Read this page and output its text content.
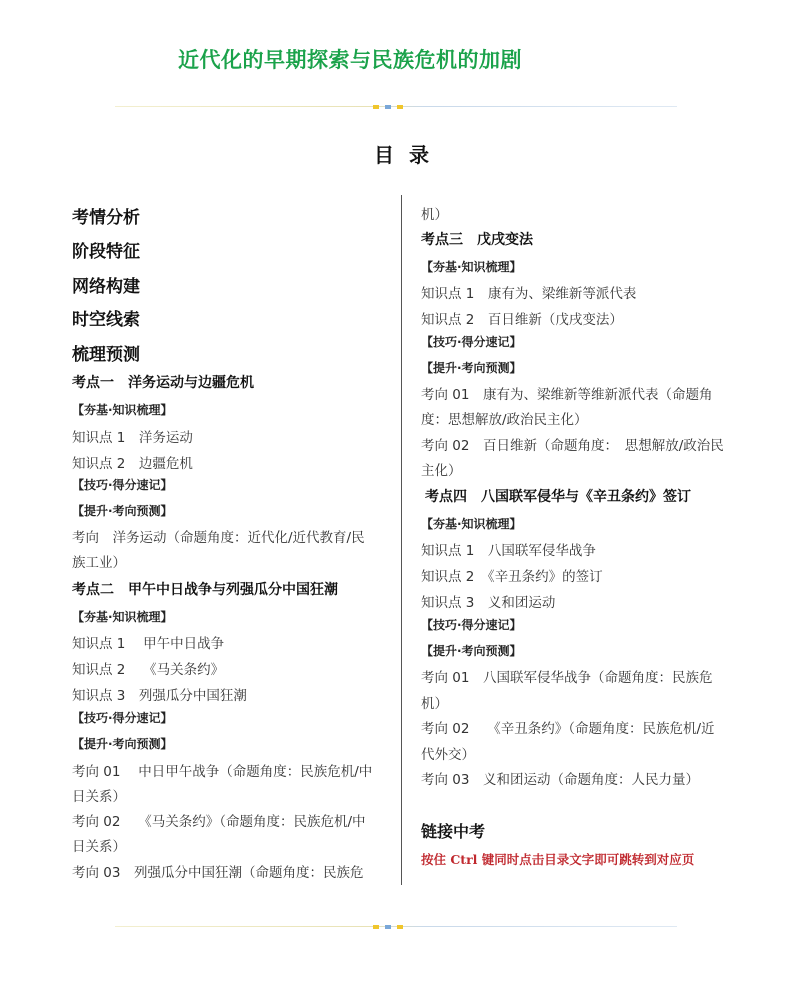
近代化的早期探索与民族危机的加剧
目 录
考情分析
阶段特征
网络构建
时空线索
梳理预测
考点一　洋务运动与边疆危机
【夯基·知识梳理】
知识点 1　洋务运动
知识点 2　边疆危机
【技巧·得分速记】
【提升·考向预测】
考向　洋务运动（命题角度：近代化/近代教育/民
族工业）
考点二　甲午中日战争与列强瓜分中国狂潮
【夯基·知识梳理】
知识点 1　 甲午中日战争
知识点 2　 《马关条约》
知识点 3　列强瓜分中国狂潮
【技巧·得分速记】
【提升·考向预测】
考向 01　 中日甲午战争（命题角度：民族危机/中
日关系）
考向 02　 《马关条约》（命题角度：民族危机/中
日关系）
考向 03　列强瓜分中国狂潮（命题角度：民族危
机）
考点三　戊戌变法
【夯基·知识梳理】
知识点 1　康有为、梁维新等派代表
知识点 2　百日维新（戊戌变法）
【技巧·得分速记】
【提升·考向预测】
考向 01　康有为、梁维新等维新派代表（命题角
度：思想解放/政治民主化）
考向 02　百日维新（命题角度：　思想解放/政治民
主化）
考点四　八国联军侵华与《辛丑条约》签订
【夯基·知识梳理】
知识点 1　八国联军侵华战争
知识点 2　《辛丑条约》的签订
知识点 3　义和团运动
【技巧·得分速记】
【提升·考向预测】
考向 01　八国联军侵华战争（命题角度：民族危
机）
考向 02　 《辛丑条约》（命题角度：民族危机/近
代外交）
考向 03　义和团运动（命题角度：人民力量）
链接中考
按住 Ctrl 键同时点击目录文字即可跳转到对应页
